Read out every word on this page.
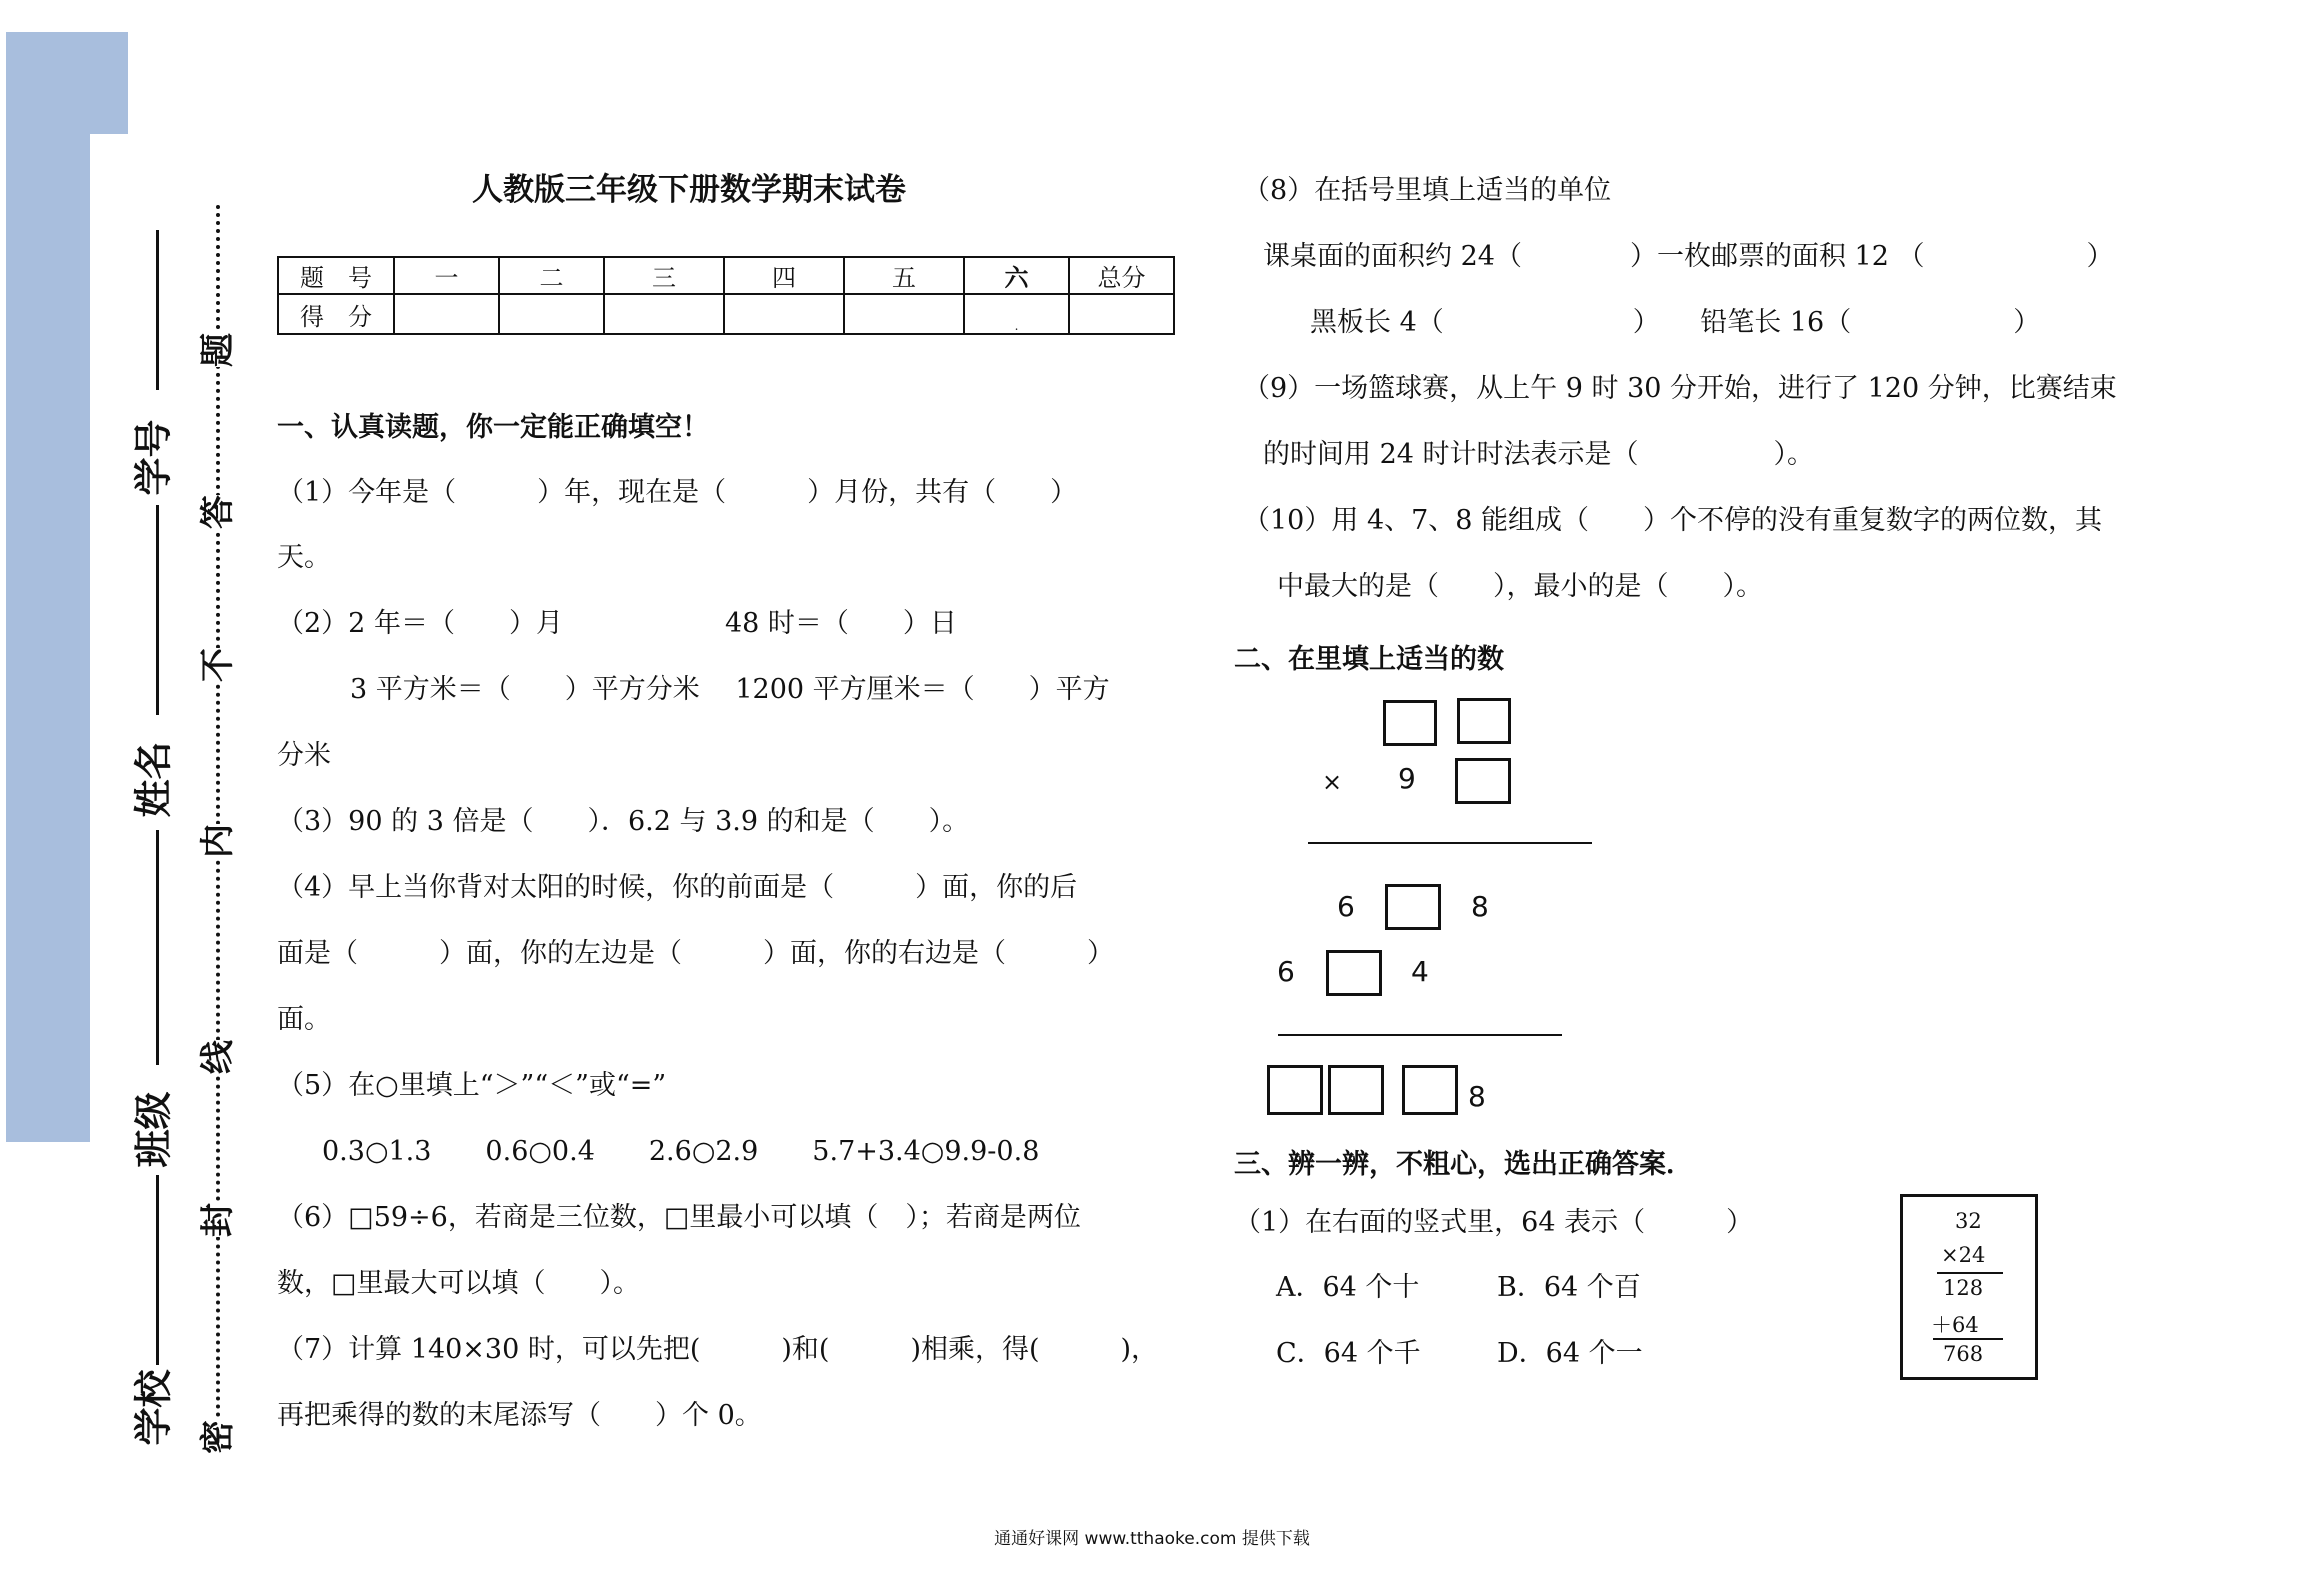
学号
姓名
班级
学校
题
答
不
内
线
封
密
人教版三年级下册数学期末试卷
题　号	一	二	三	四	五	六	总分
得　分						.	
一、认真读题，你一定能正确填空！
（1）今年是（　　　）年，现在是（　　　）月份，共有（　　）
天。
（2）2 年＝（　　）月　　　　　　48 时＝（　　）日
3 平方米＝（　　）平方分米　 1200 平方厘米＝（　　）平方
分米
（3）90 的 3 倍是（　　）．6.2 与 3.9 的和是（　　）。
（4）早上当你背对太阳的时候，你的前面是（　　　）面，你的后
面是（　　　）面，你的左边是（　　　）面，你的右边是（　　　）
面。
（5）在○里填上“＞”“＜”或“=”
0.3○1.3　　0.6○0.4　　2.6○2.9　　5.7+3.4○9.9-0.8
（6）□59÷6，若商是三位数，□里最小可以填（　）；若商是两位
数，□里最大可以填（　　）。
（7）计算 140×30 时，可以先把(　　　)和(　　　)相乘，得(　　　)，
再把乘得的数的末尾添写（　　）个 0。
（8）在括号里填上适当的单位
课桌面的面积约 24（　　　　）一枚邮票的面积 12 （　　　　　　）
黑板长 4（　　　　　　　）　　铅笔长 16（　　　　　　）
（9）一场篮球赛，从上午 9 时 30 分开始，进行了 120 分钟，比赛结束
的时间用 24 时计时法表示是（　　　　　）。
（10）用 4、7、8 能组成（　　）个不停的没有重复数字的两位数，其
中最大的是（　　），最小的是（　　）。
二、在里填上适当的数
× 9
6	8
6	4
8
三、辨一辨，不粗心，选出正确答案．
（1）在右面的竖式里，64 表示（　　　）
A．64 个十	B．64 个百
C．64 个千	D．64 个一
32
×24
128
＋64
768
通通好课网 www.tthaoke.com 提供下载
